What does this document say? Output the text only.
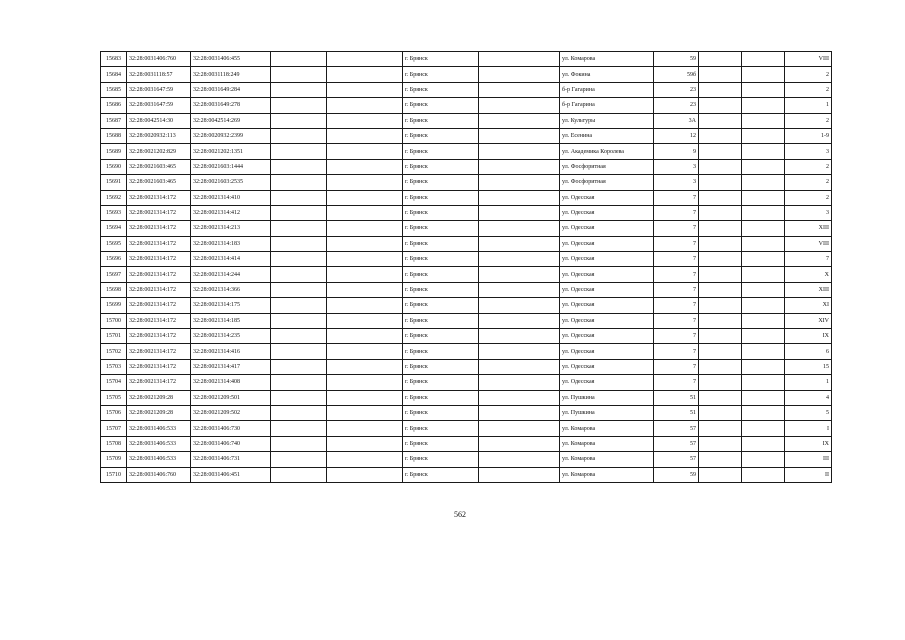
15683	32:28:0031406:760	32:28:0031406:455			г. Брянск		ул. Комарова	59			VIII
15684	32:28:0031118:57	32:28:0031118:249			г. Брянск		ул. Фокина	59б			2
15685	32:28:0031647:59	32:28:0031649:284			г. Брянск		б-р Гагарина	23			2
15686	32:28:0031647:59	32:28:0031649:278			г. Брянск		б-р Гагарина	23			1
15687	32:28:0042514:30	32:28:0042514:269			г. Брянск		ул. Культуры	3А			2
15688	32:28:0020932:113	32:28:0020932:2399			г. Брянск		ул. Есенина	12			1-9
15689	32:28:0021202:829	32:28:0021202:1351			г. Брянск		ул. Академика Королева	9			3
15690	32:28:0021603:465	32:28:0021603:1444			г. Брянск		ул. Фосфоритная	3			2
15691	32:28:0021603:465	32:28:0021603:2535			г. Брянск		ул. Фосфоритная	3			2
15692	32:28:0021314:172	32:28:0021314:410			г. Брянск		ул. Одесская	7			2
15693	32:28:0021314:172	32:28:0021314:412			г. Брянск		ул. Одесская	7			3
15694	32:28:0021314:172	32:28:0021314:213			г. Брянск		ул. Одесская	7			XIII
15695	32:28:0021314:172	32:28:0021314:183			г. Брянск		ул. Одесская	7			VIII
15696	32:28:0021314:172	32:28:0021314:414			г. Брянск		ул. Одесская	7			7
15697	32:28:0021314:172	32:28:0021314:244			г. Брянск		ул. Одесская	7			X
15698	32:28:0021314:172	32:28:0021314:366			г. Брянск		ул. Одесская	7			XIII
15699	32:28:0021314:172	32:28:0021314:175			г. Брянск		ул. Одесская	7			XI
15700	32:28:0021314:172	32:28:0021314:185			г. Брянск		ул. Одесская	7			XIV
15701	32:28:0021314:172	32:28:0021314:235			г. Брянск		ул. Одесская	7			IX
15702	32:28:0021314:172	32:28:0021314:416			г. Брянск		ул. Одесская	7			6
15703	32:28:0021314:172	32:28:0021314:417			г. Брянск		ул. Одесская	7			15
15704	32:28:0021314:172	32:28:0021314:408			г. Брянск		ул. Одесская	7			1
15705	32:28:0021209:28	32:28:0021209:501			г. Брянск		ул. Пушкина	51			4
15706	32:28:0021209:28	32:28:0021209:502			г. Брянск		ул. Пушкина	51			5
15707	32:28:0031406:533	32:28:0031406:730			г. Брянск		ул. Комарова	57			I
15708	32:28:0031406:533	32:28:0031406:740			г. Брянск		ул. Комарова	57			IX
15709	32:28:0031406:533	32:28:0031406:731			г. Брянск		ул. Комарова	57			III
15710	32:28:0031406:760	32:28:0031406:451			г. Брянск		ул. Комарова	59			II
562
